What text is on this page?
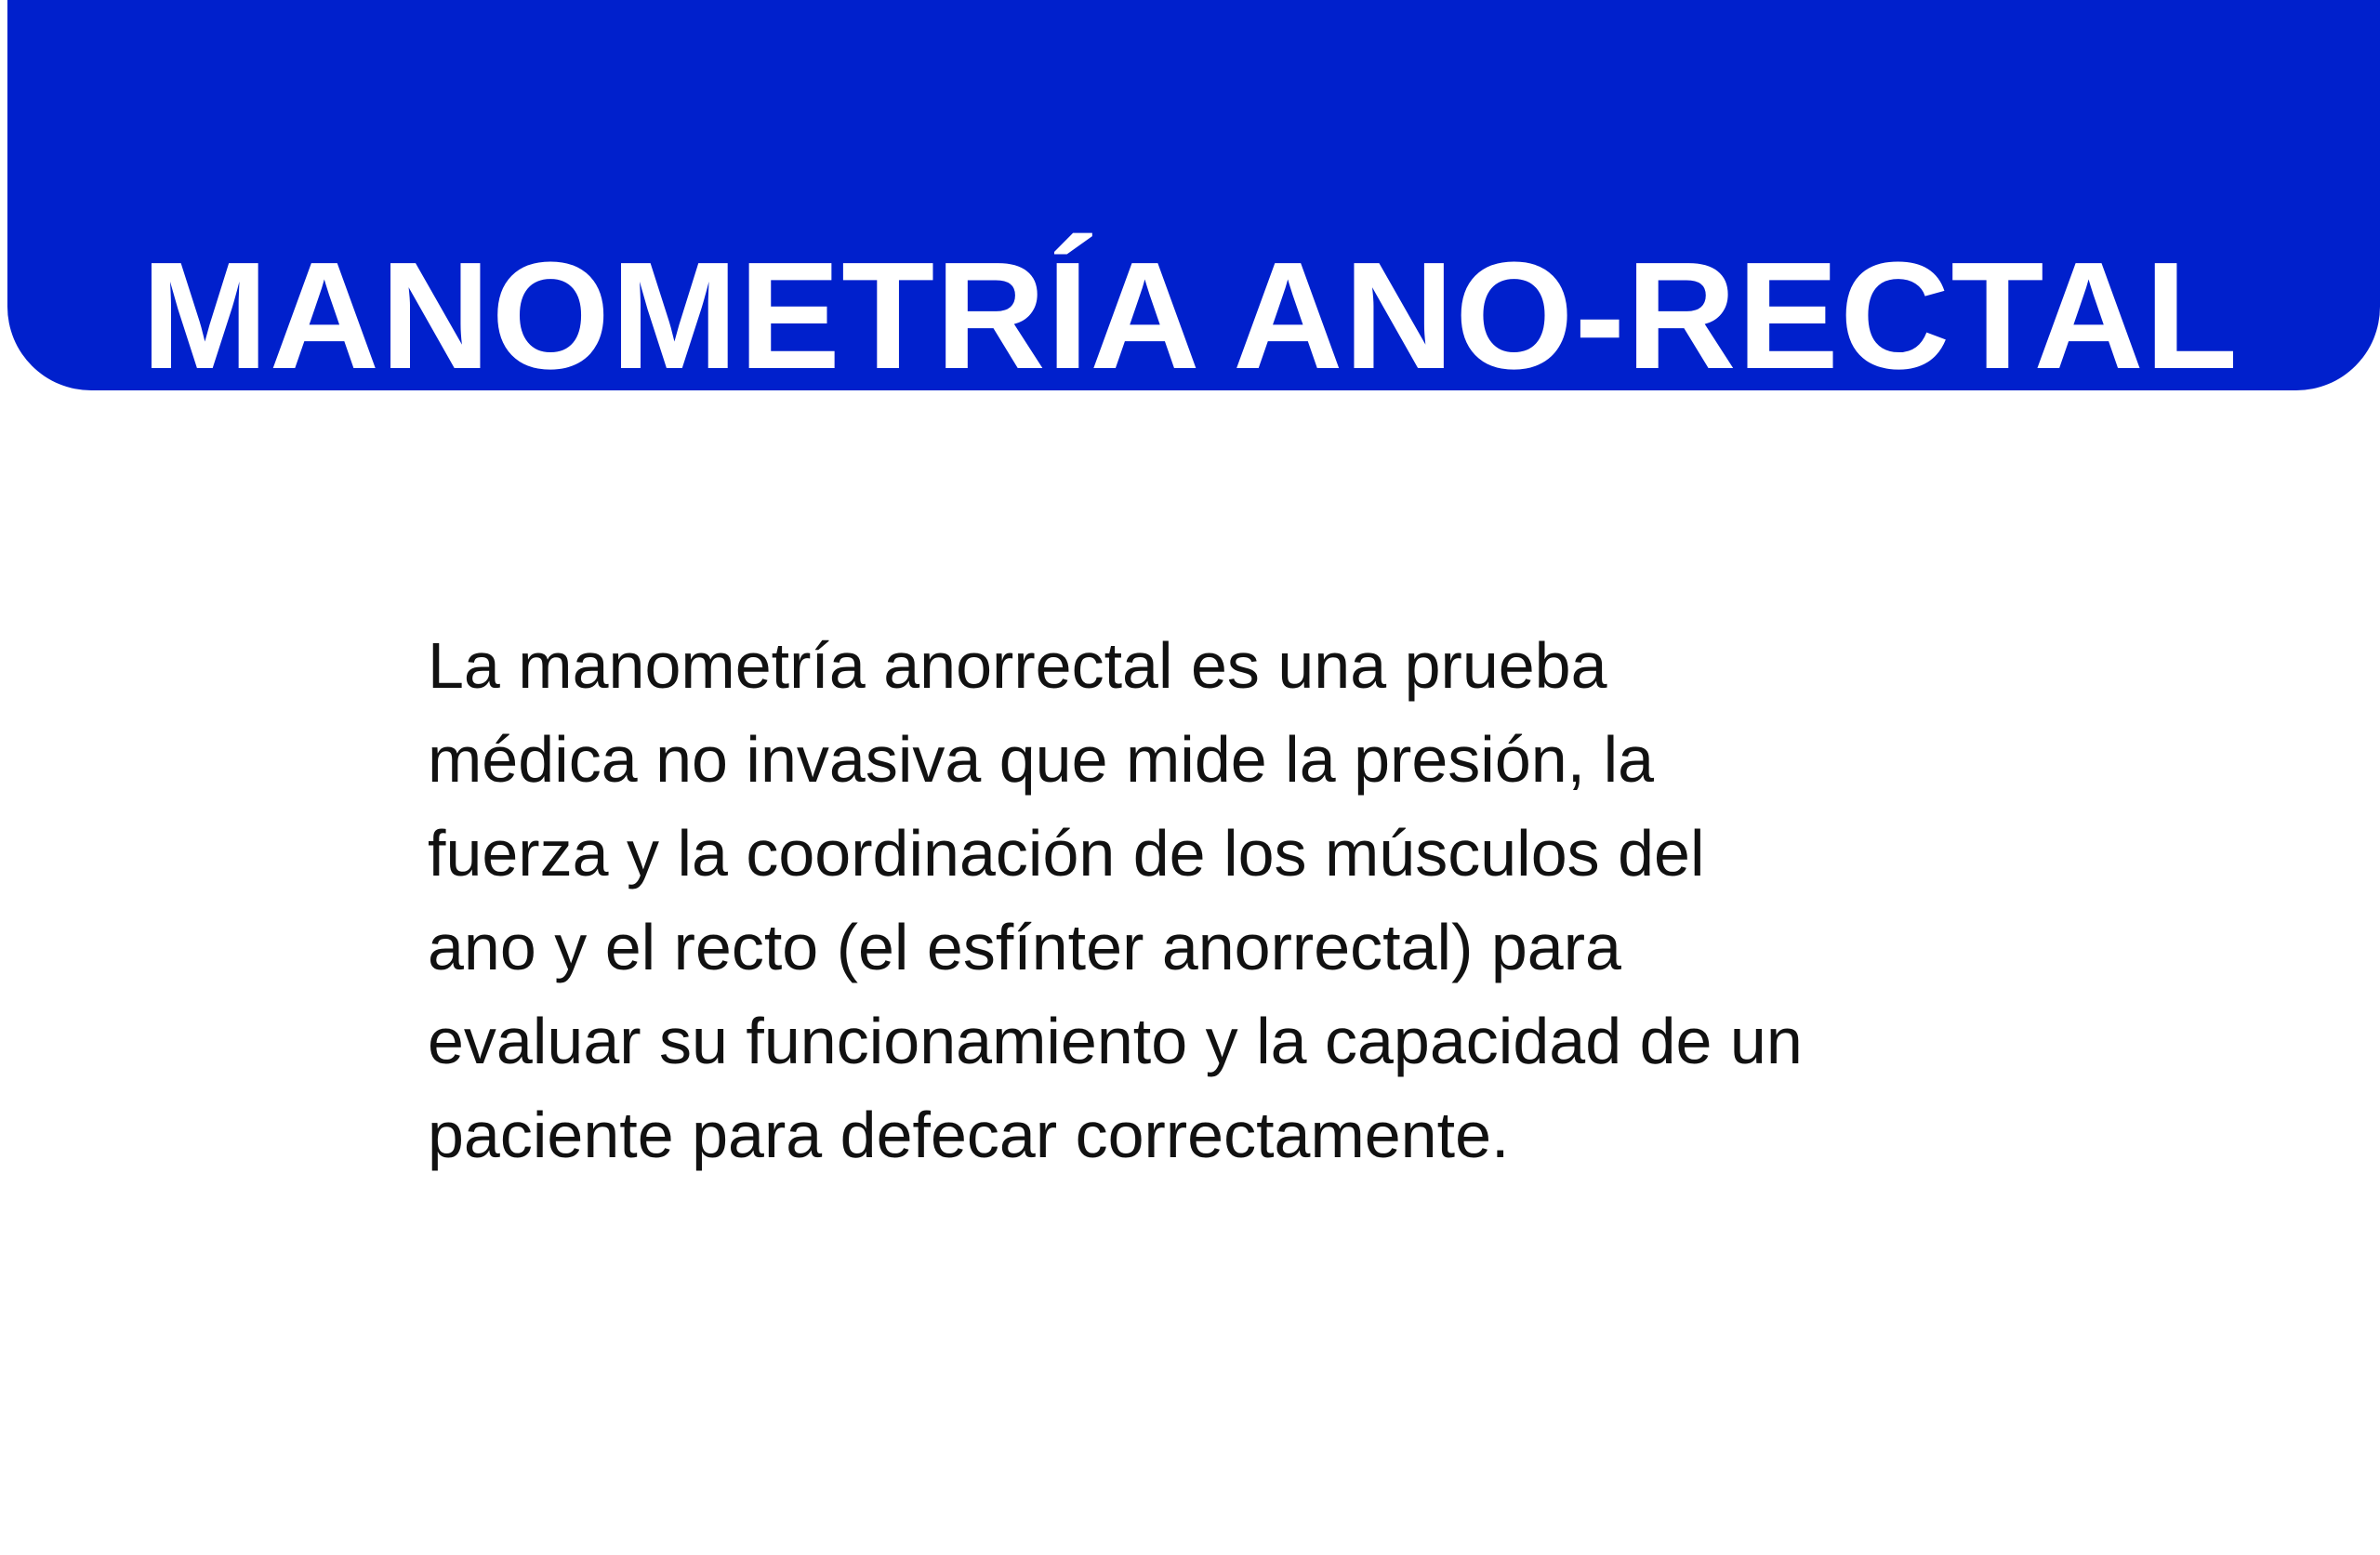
MANOMETRÍA ANO-RECTAL

La manometría anorrectal es una prueba
médica no invasiva que mide la presión, la
fuerza y la coordinación de los músculos del
ano y el recto (el esfínter anorrectal) para
evaluar su funcionamiento y la capacidad de un
paciente para defecar correctamente.
